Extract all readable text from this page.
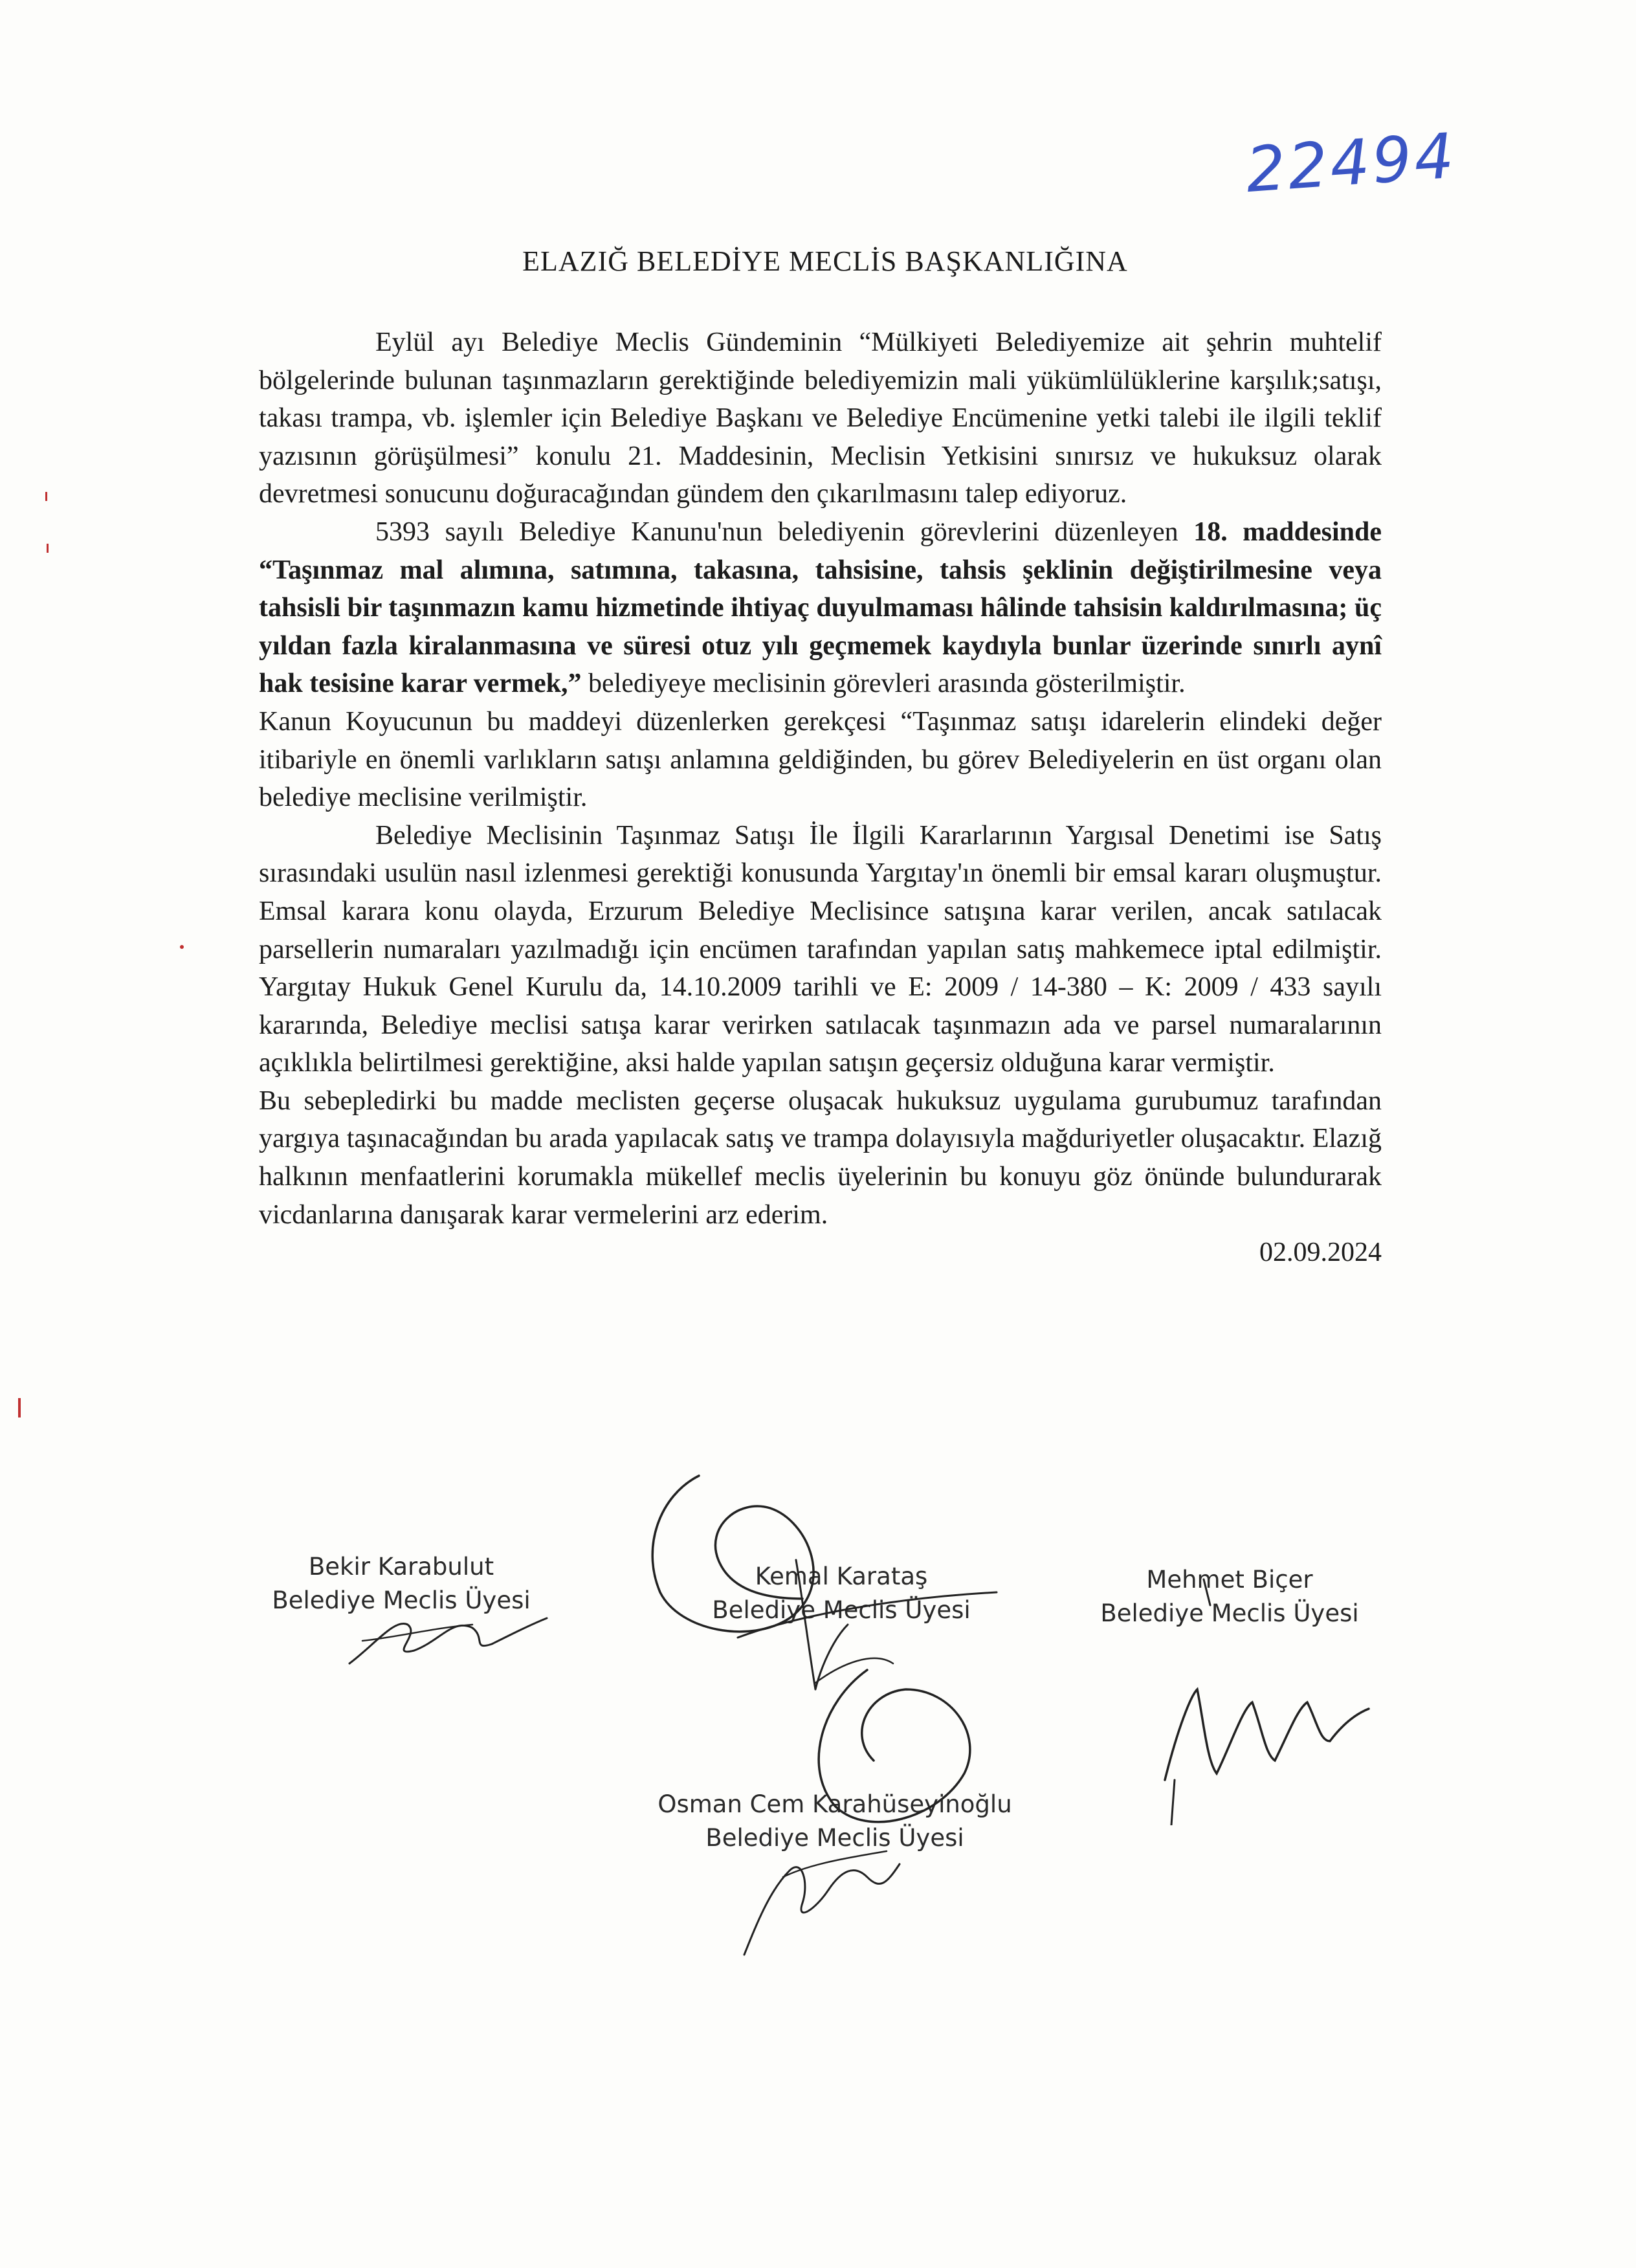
22494
ELAZIĞ BELEDİYE MECLİS BAŞKANLIĞINA

Eylül ayı Belediye Meclis Gündeminin “Mülkiyeti Belediyemize ait şehrin muhtelif bölgelerinde bulunan taşınmazların gerektiğinde belediyemizin mali yükümlülüklerine karşılık;satışı, takası trampa, vb. işlemler için Belediye Başkanı ve Belediye Encümenine yetki talebi ile ilgili teklif yazısının görüşülmesi” konulu 21. Maddesinin, Meclisin Yetkisini sınırsız ve hukuksuz olarak devretmesi sonucunu doğuracağından gündem den çıkarılmasını talep ediyoruz.

5393 sayılı Belediye Kanunu'nun belediyenin görevlerini düzenleyen 18. maddesinde “Taşınmaz mal alımına, satımına, takasına, tahsisine, tahsis şeklinin değiştirilmesine veya tahsisli bir taşınmazın kamu hizmetinde ihtiyaç duyulmaması hâlinde tahsisin kaldırılmasına; üç yıldan fazla kiralanmasına ve süresi otuz yılı geçmemek kaydıyla bunlar üzerinde sınırlı aynî hak tesisine karar vermek,” belediyeye meclisinin görevleri arasında gösterilmiştir.

Kanun Koyucunun bu maddeyi düzenlerken gerekçesi “Taşınmaz satışı idarelerin elindeki değer itibariyle en önemli varlıkların satışı anlamına geldiğinden, bu görev Belediyelerin en üst organı olan belediye meclisine verilmiştir.

Belediye Meclisinin Taşınmaz Satışı İle İlgili Kararlarının Yargısal Denetimi ise Satış sırasındaki usulün nasıl izlenmesi gerektiği konusunda Yargıtay'ın önemli bir emsal kararı oluşmuştur. Emsal karara konu olayda, Erzurum Belediye Meclisince satışına karar verilen, ancak satılacak parsellerin numaraları yazılmadığı için encümen tarafından yapılan satış mahkemece iptal edilmiştir. Yargıtay Hukuk Genel Kurulu da, 14.10.2009 tarihli ve E: 2009 / 14-380 – K: 2009 / 433 sayılı kararında, Belediye meclisi satışa karar verirken satılacak taşınmazın ada ve parsel numaralarının açıklıkla belirtilmesi gerektiğine, aksi halde yapılan satışın geçersiz olduğuna karar vermiştir.

Bu sebepledirki bu madde meclisten geçerse oluşacak hukuksuz uygulama gurubumuz tarafından yargıya taşınacağından bu arada yapılacak satış ve trampa dolayısıyla mağduriyetler oluşacaktır. Elazığ halkının menfaatlerini korumakla mükellef meclis üyelerinin bu konuyu göz önünde bulundurarak vicdanlarına danışarak karar vermelerini arz ederim.

02.09.2024

Bekir Karabulut
Belediye Meclis Üyesi
Kemal Karataş
Belediye Meclis Üyesi
Mehmet Biçer
Belediye Meclis Üyesi
Osman Cem Karahüseyinoğlu
Belediye Meclis Üyesi
